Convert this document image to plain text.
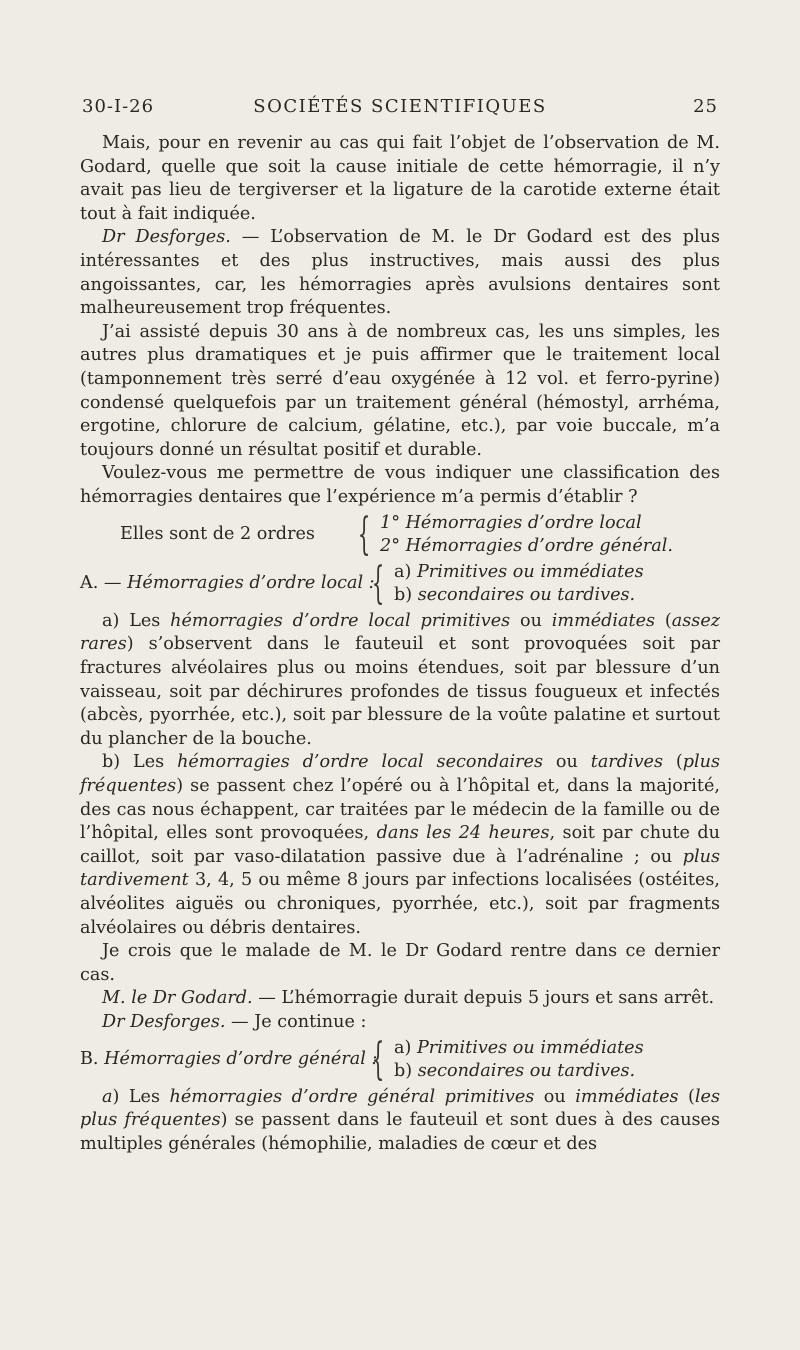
30-I-26	SOCIÉTÉS SCIENTIFIQUES	25

Mais, pour en revenir au cas qui fait l’objet de l’observation de M. Godard, quelle que soit la cause initiale de cette hémorragie, il n’y avait pas lieu de tergiverser et la ligature de la carotide externe était tout à fait indiquée.

Dr Desforges. — L’observation de M. le Dr Godard est des plus intéressantes et des plus instructives, mais aussi des plus angoissantes, car, les hémorragies après avulsions dentaires sont malheureusement trop fréquentes.

J’ai assisté depuis 30 ans à de nombreux cas, les uns simples, les autres plus dramatiques et je puis affirmer que le traitement local (tamponnement très serré d’eau oxygénée à 12 vol. et ferro-pyrine) condensé quelquefois par un traitement général (hémostyl, arrhéma, ergotine, chlorure de calcium, gélatine, etc.), par voie buccale, m’a toujours donné un résultat positif et durable.

Voulez-vous me permettre de vous indiquer une classification des hémorragies dentaires que l’expérience m’a permis d’établir ?

Elles sont de 2 ordres { 1° Hémorragies d’ordre local
2° Hémorragies d’ordre général.
A. — Hémorragies d’ordre local :
{ a) Primitives ou immédiates
b) secondaires ou tardives.

a) Les hémorragies d’ordre local primitives ou immédiates (assez rares) s’observent dans le fauteuil et sont provoquées soit par fractures alvéolaires plus ou moins étendues, soit par blessure d’un vaisseau, soit par déchirures profondes de tissus fougueux et infectés (abcès, pyorrhée, etc.), soit par blessure de la voûte palatine et surtout du plancher de la bouche.

b) Les hémorragies d’ordre local secondaires ou tardives (plus fréquentes) se passent chez l’opéré ou à l’hôpital et, dans la majorité, des cas nous échappent, car traitées par le médecin de la famille ou de l’hôpital, elles sont provoquées, dans les 24 heures, soit par chute du caillot, soit par vaso-dilatation passive due à l’adrénaline ; ou plus tardivement 3, 4, 5 ou même 8 jours par infections localisées (ostéites, alvéolites aiguës ou chroniques, pyorrhée, etc.), soit par fragments alvéolaires ou débris dentaires.

Je crois que le malade de M. le Dr Godard rentre dans ce dernier cas.

M. le Dr Godard. — L’hémorragie durait depuis 5 jours et sans arrêt.

Dr Desforges. — Je continue :

B. Hémorragies d’ordre général :
{ a) Primitives ou immédiates
b) secondaires ou tardives.

a) Les hémorragies d’ordre général primitives ou immédiates (les plus fréquentes) se passent dans le fauteuil et sont dues à des causes multiples générales (hémophilie, maladies de cœur et des
